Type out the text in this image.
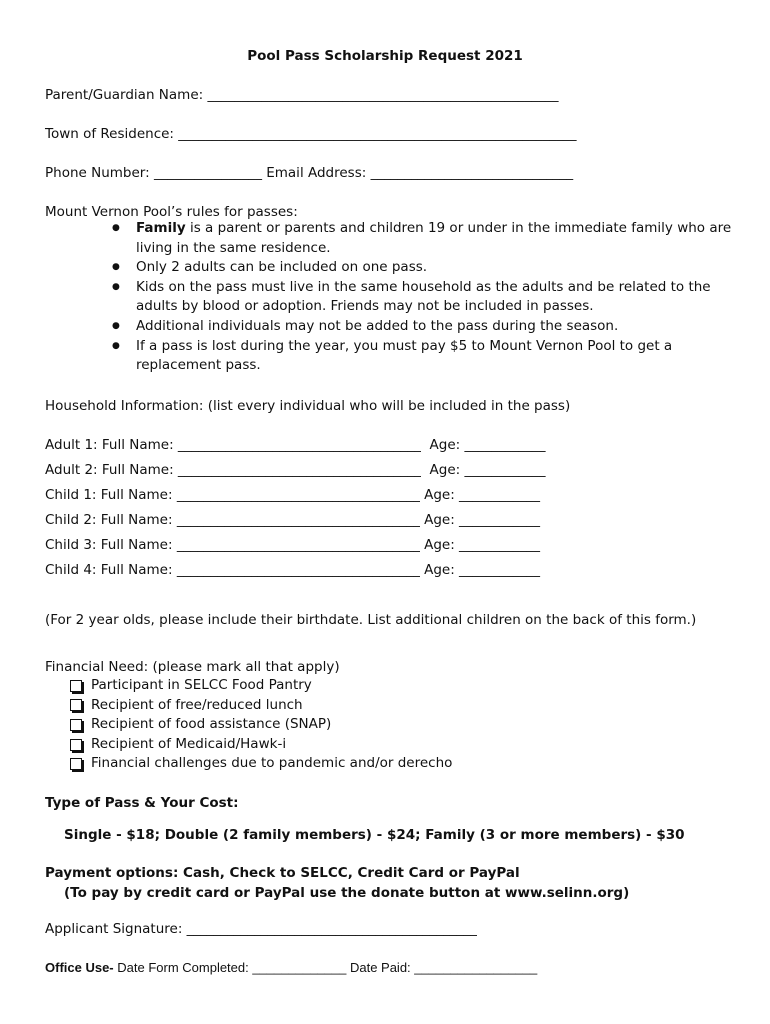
Pool Pass Scholarship Request 2021
Parent/Guardian Name: ____________________________________________________
Town of Residence: ___________________________________________________________
Phone Number: ________________ Email Address: ______________________________
Mount Vernon Pool’s rules for passes:
● Family is a parent or parents and children 19 or under in the immediate family who are living in the same residence.
● Only 2 adults can be included on one pass.
● Kids on the pass must live in the same household as the adults and be related to the adults by blood or adoption. Friends may not be included in passes.
● Additional individuals may not be added to the pass during the season.
● If a pass is lost during the year, you must pay $5 to Mount Vernon Pool to get a replacement pass.
Household Information: (list every individual who will be included in the pass)
Adult 1: Full Name: ____________________________________  Age: ____________
Adult 2: Full Name: ____________________________________  Age: ____________
Child 1: Full Name: ____________________________________ Age: ____________
Child 2: Full Name: ____________________________________ Age: ____________
Child 3: Full Name: ____________________________________ Age: ____________
Child 4: Full Name: ____________________________________ Age: ____________
(For 2 year olds, please include their birthdate. List additional children on the back of this form.)
Financial Need: (please mark all that apply)
Participant in SELCC Food Pantry
Recipient of free/reduced lunch
Recipient of food assistance (SNAP)
Recipient of Medicaid/Hawk-i
Financial challenges due to pandemic and/or derecho
Type of Pass & Your Cost:
Single - $18; Double (2 family members) - $24; Family (3 or more members) - $30
Payment options: Cash, Check to SELCC, Credit Card or PayPal
(To pay by credit card or PayPal use the donate button at www.selinn.org)
Applicant Signature: ___________________________________________
Office Use- Date Form Completed: _____________ Date Paid: _________________
